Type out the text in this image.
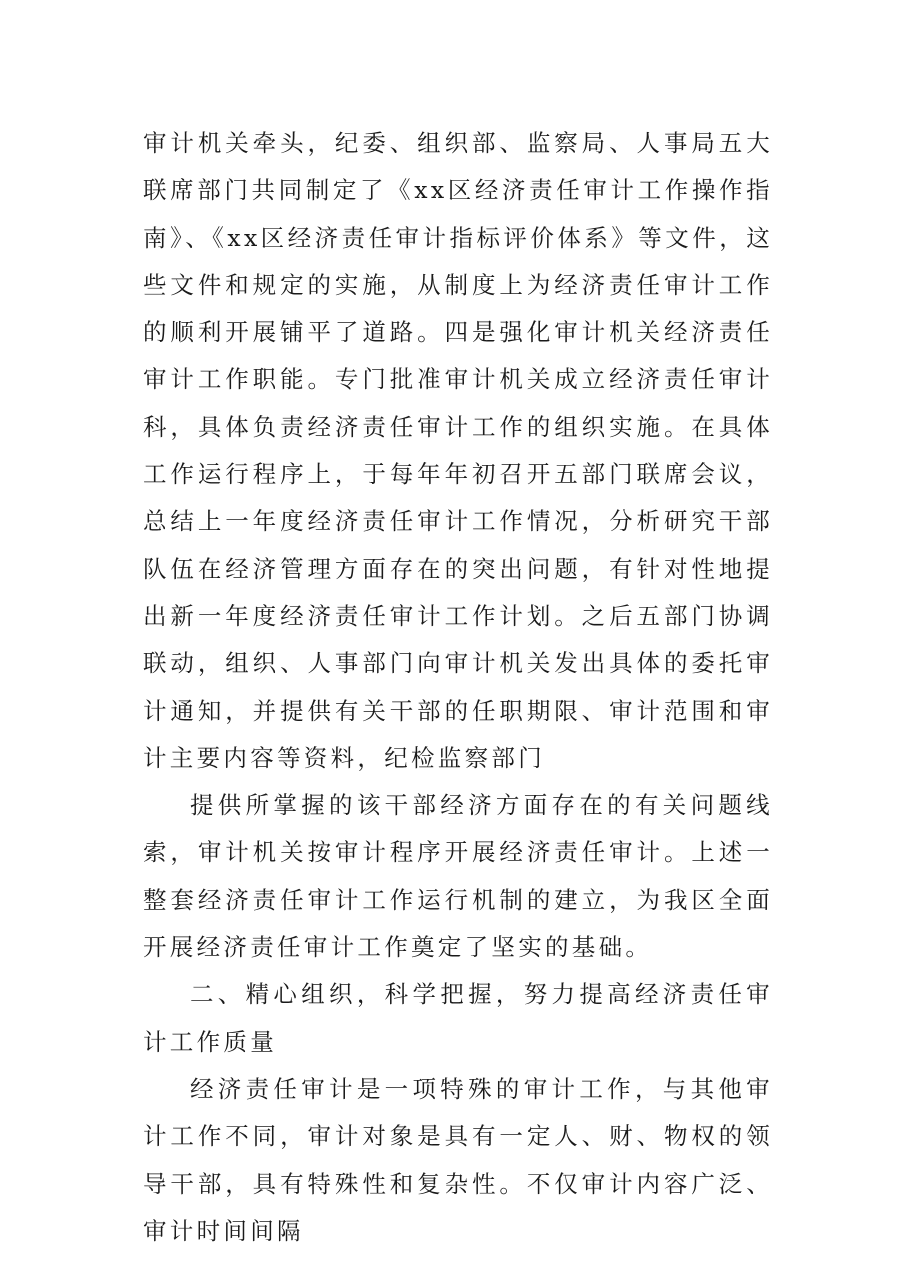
审计机关牵头，纪委、组织部、监察局、人事局五大联席部门共同制定了《xx区经济责任审计工作操作指南》、《xx区经济责任审计指标评价体系》等文件，这些文件和规定的实施，从制度上为经济责任审计工作的顺利开展铺平了道路。四是强化审计机关经济责任审计工作职能。专门批准审计机关成立经济责任审计科，具体负责经济责任审计工作的组织实施。在具体工作运行程序上，于每年年初召开五部门联席会议，总结上一年度经济责任审计工作情况，分析研究干部队伍在经济管理方面存在的突出问题，有针对性地提出新一年度经济责任审计工作计划。之后五部门协调联动，组织、人事部门向审计机关发出具体的委托审计通知，并提供有关干部的任职期限、审计范围和审计主要内容等资料，纪检监察部门

提供所掌握的该干部经济方面存在的有关问题线索，审计机关按审计程序开展经济责任审计。上述一整套经济责任审计工作运行机制的建立，为我区全面开展经济责任审计工作奠定了坚实的基础。

二、精心组织，科学把握，努力提高经济责任审计工作质量

经济责任审计是一项特殊的审计工作，与其他审计工作不同，审计对象是具有一定人、财、物权的领导干部，具有特殊性和复杂性。不仅审计内容广泛、审计时间间隔
